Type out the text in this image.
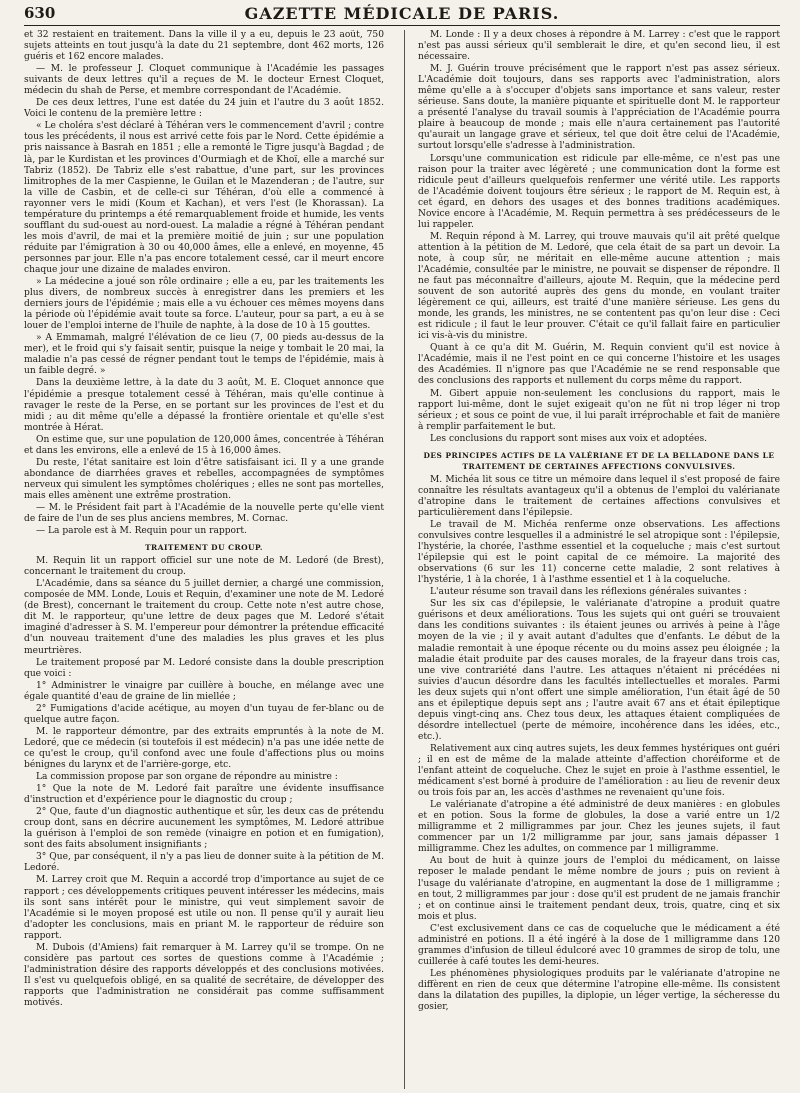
630	GAZETTE MÉDICALE DE PARIS.

et 32 restaient en traitement. Dans la ville il y a eu, depuis le 23 août, 750 sujets atteints en tout jusqu'à la date du 21 septembre, dont 462 morts, 126 guéris et 162 encore malades.

— M. le professeur J. Cloquet communique à l'Académie les passages suivants de deux lettres qu'il a reçues de M. le docteur Ernest Cloquet, médecin du shah de Perse, et membre correspondant de l'Académie.

De ces deux lettres, l'une est datée du 24 juin et l'autre du 3 août 1852. Voici le contenu de la première lettre :

« Le choléra s'est déclaré à Téhéran vers le commencement d'avril ; contre tous les précédents, il nous est arrivé cette fois par le Nord. Cette épidémie a pris naissance à Basrah en 1851 ; elle a remonté le Tigre jusqu'à Bagdad ; de là, par le Kurdistan et les provinces d'Ourmiagh et de Khoï, elle a marché sur Tabriz (1852). De Tabriz elle s'est rabattue, d'une part, sur les provinces limitrophes de la mer Caspienne, le Guilan et le Mazenderan ; de l'autre, sur la ville de Casbin, et de celle-ci sur Téhéran, d'où elle a commencé à rayonner vers le midi (Koum et Kachan), et vers l'est (le Khorassan). La température du printemps a été remarquablement froide et humide, les vents soufflant du sud-ouest au nord-ouest. La maladie a régné à Téhéran pendant les mois d'avril, de mai et la première moitié de juin ; sur une population réduite par l'émigration à 30 ou 40,000 âmes, elle a enlevé, en moyenne, 45 personnes par jour. Elle n'a pas encore totalement cessé, car il meurt encore chaque jour une dizaine de malades environ.

» La médecine a joué son rôle ordinaire ; elle a eu, par les traitements les plus divers, de nombreux succès à enregistrer dans les premiers et les derniers jours de l'épidémie ; mais elle a vu échouer ces mêmes moyens dans la période où l'épidémie avait toute sa force. L'auteur, pour sa part, a eu à se louer de l'emploi interne de l'huile de naphte, à la dose de 10 à 15 gouttes.

» A Emmamah, malgré l'élévation de ce lieu (7, 00 pieds au-dessus de la mer), et le froid qui s'y faisait sentir, puisque la neige y tombait le 20 mai, la maladie n'a pas cessé de régner pendant tout le temps de l'épidémie, mais à un faible degré. »

Dans la deuxième lettre, à la date du 3 août, M. E. Cloquet annonce que l'épidémie a presque totalement cessé à Téhéran, mais qu'elle continue à ravager le reste de la Perse, en se portant sur les provinces de l'est et du midi ; au dit même qu'elle a dépassé la frontière orientale et qu'elle s'est montrée à Hérat.

On estime que, sur une population de 120,000 âmes, concentrée à Téhéran et dans les environs, elle a enlevé de 15 à 16,000 âmes.

Du reste, l'état sanitaire est loin d'être satisfaisant ici. Il y a une grande abondance de diarrhées graves et rebelles, accompagnées de symptômes nerveux qui simulent les symptômes cholériques ; elles ne sont pas mortelles, mais elles amènent une extrême prostration.

— M. le Président fait part à l'Académie de la nouvelle perte qu'elle vient de faire de l'un de ses plus anciens membres, M. Cornac.

— La parole est à M. Requin pour un rapport.

TRAITEMENT DU CROUP.

M. Requin lit un rapport officiel sur une note de M. Ledoré (de Brest), concernant le traitement du croup.

L'Académie, dans sa séance du 5 juillet dernier, a chargé une commission, composée de MM. Londe, Louis et Requin, d'examiner une note de M. Ledoré (de Brest), concernant le traitement du croup. Cette note n'est autre chose, dit M. le rapporteur, qu'une lettre de deux pages que M. Ledoré s'était imaginé d'adresser à S. M. l'empereur pour démontrer la prétendue efficacité d'un nouveau traitement d'une des maladies les plus graves et les plus meurtrières.

Le traitement proposé par M. Ledoré consiste dans la double prescription que voici :

1° Administrer le vinaigre par cuillère à bouche, en mélange avec une égale quantité d'eau de graine de lin miellée ;

2° Fumigations d'acide acétique, au moyen d'un tuyau de fer-blanc ou de quelque autre façon.

M. le rapporteur démontre, par des extraits empruntés à la note de M. Ledoré, que ce médecin (si toutefois il est médecin) n'a pas une idée nette de ce qu'est le croup, qu'il confond avec une foule d'affections plus ou moins bénignes du larynx et de l'arrière-gorge, etc.

La commission propose par son organe de répondre au ministre :

1° Que la note de M. Ledoré fait paraître une évidente insuffisance d'instruction et d'expérience pour le diagnostic du croup ;

2° Que, faute d'un diagnostic authentique et sûr, les deux cas de prétendu croup dont, sans en décrire aucunement les symptômes, M. Ledoré attribue la guérison à l'emploi de son remède (vinaigre en potion et en fumigation), sont des faits absolument insignifiants ;

3° Que, par conséquent, il n'y a pas lieu de donner suite à la pétition de M. Ledoré.

M. Larrey croit que M. Requin a accordé trop d'importance au sujet de ce rapport ; ces développements critiques peuvent intéresser les médecins, mais ils sont sans intérêt pour le ministre, qui veut simplement savoir de l'Académie si le moyen proposé est utile ou non. Il pense qu'il y aurait lieu d'adopter les conclusions, mais en priant M. le rapporteur de réduire son rapport.

M. Dubois (d'Amiens) fait remarquer à M. Larrey qu'il se trompe. On ne considère pas partout ces sortes de questions comme à l'Académie ; l'administration désire des rapports développés et des conclusions motivées. Il s'est vu quelquefois obligé, en sa qualité de secrétaire, de développer des rapports que l'administration ne considérait pas comme suffisamment motivés.

M. Londe : Il y a deux choses à répondre à M. Larrey : c'est que le rapport n'est pas aussi sérieux qu'il semblerait le dire, et qu'en second lieu, il est nécessaire.

M. J. Guérin trouve précisément que le rapport n'est pas assez sérieux. L'Académie doit toujours, dans ses rapports avec l'administration, alors même qu'elle a à s'occuper d'objets sans importance et sans valeur, rester sérieuse. Sans doute, la manière piquante et spirituelle dont M. le rapporteur a présenté l'analyse du travail soumis à l'appréciation de l'Académie pourra plaire à beaucoup de monde ; mais elle n'aura certainement pas l'autorité qu'aurait un langage grave et sérieux, tel que doit être celui de l'Académie, surtout lorsqu'elle s'adresse à l'administration.

Lorsqu'une communication est ridicule par elle-même, ce n'est pas une raison pour la traiter avec légèreté ; une communication dont la forme est ridicule peut d'ailleurs quelquefois renfermer une vérité utile. Les rapports de l'Académie doivent toujours être sérieux ; le rapport de M. Requin est, à cet égard, en dehors des usages et des bonnes traditions académiques. Novice encore à l'Académie, M. Requin permettra à ses prédécesseurs de le lui rappeler.

M. Requin répond à M. Larrey, qui trouve mauvais qu'il ait prêté quelque attention à la pétition de M. Ledoré, que cela était de sa part un devoir. La note, à coup sûr, ne méritait en elle-même aucune attention ; mais l'Académie, consultée par le ministre, ne pouvait se dispenser de répondre. Il ne faut pas méconnaître d'ailleurs, ajoute M. Requin, que la médecine perd souvent de son autorité auprès des gens du monde, en voulant traiter légèrement ce qui, ailleurs, est traité d'une manière sérieuse. Les gens du monde, les grands, les ministres, ne se contentent pas qu'on leur dise : Ceci est ridicule ; il faut le leur prouver. C'était ce qu'il fallait faire en particulier ici vis-à-vis du ministre.

Quant à ce qu'a dit M. Guérin, M. Requin convient qu'il est novice à l'Académie, mais il ne l'est point en ce qui concerne l'histoire et les usages des Académies. Il n'ignore pas que l'Académie ne se rend responsable que des conclusions des rapports et nullement du corps même du rapport.

M. Gibert appuie non-seulement les conclusions du rapport, mais le rapport lui-même, dont le sujet exigeait qu'on ne fût ni trop léger ni trop sérieux ; et sous ce point de vue, il lui paraît irréprochable et fait de manière à remplir parfaitement le but.

Les conclusions du rapport sont mises aux voix et adoptées.

DES PRINCIPES ACTIFS DE LA VALÉRIANE ET DE LA BELLADONE DANS LE TRAITEMENT DE CERTAINES AFFECTIONS CONVULSIVES.

M. Michéa lit sous ce titre un mémoire dans lequel il s'est proposé de faire connaître les résultats avantageux qu'il a obtenus de l'emploi du valérianate d'atropine dans le traitement de certaines affections convulsives et particulièrement dans l'épilepsie.

Le travail de M. Michéa renferme onze observations. Les affections convulsives contre lesquelles il a administré le sel atropique sont : l'épilepsie, l'hystérie, la chorée, l'asthme essentiel et la coqueluche ; mais c'est surtout l'épilepsie qui est le point capital de ce mémoire. La majorité des observations (6 sur les 11) concerne cette maladie, 2 sont relatives à l'hystérie, 1 à la chorée, 1 à l'asthme essentiel et 1 à la coqueluche.

L'auteur résume son travail dans les réflexions générales suivantes :

Sur les six cas d'épilepsie, le valérianate d'atropine a produit quatre guérisons et deux améliorations. Tous les sujets qui ont guéri se trouvaient dans les conditions suivantes : ils étaient jeunes ou arrivés à peine à l'âge moyen de la vie ; il y avait autant d'adultes que d'enfants. Le début de la maladie remontait à une époque récente ou du moins assez peu éloignée ; la maladie était produite par des causes morales, de la frayeur dans trois cas, une vive contrariété dans l'autre. Les attaques n'étaient ni précédées ni suivies d'aucun désordre dans les facultés intellectuelles et morales. Parmi les deux sujets qui n'ont offert une simple amélioration, l'un était âgé de 50 ans et épileptique depuis sept ans ; l'autre avait 67 ans et était épileptique depuis vingt-cinq ans. Chez tous deux, les attaques étaient compliquées de désordre intellectuel (perte de mémoire, incohérence dans les idées, etc., etc.).

Relativement aux cinq autres sujets, les deux femmes hystériques ont guéri ; il en est de même de la malade atteinte d'affection choréiforme et de l'enfant atteint de coqueluche. Chez le sujet en proie à l'asthme essentiel, le médicament s'est borné à produire de l'amélioration : au lieu de revenir deux ou trois fois par an, les accès d'asthmes ne revenaient qu'une fois.

Le valérianate d'atropine a été administré de deux manières : en globules et en potion. Sous la forme de globules, la dose a varié entre un 1/2 milligramme et 2 milligrammes par jour. Chez les jeunes sujets, il faut commencer par un 1/2 milligramme par jour, sans jamais dépasser 1 milligramme. Chez les adultes, on commence par 1 milligramme.

Au bout de huit à quinze jours de l'emploi du médicament, on laisse reposer le malade pendant le même nombre de jours ; puis on revient à l'usage du valérianate d'atropine, en augmentant la dose de 1 milligramme ; en tout, 2 milligrammes par jour : dose qu'il est prudent de ne jamais franchir ; et on continue ainsi le traitement pendant deux, trois, quatre, cinq et six mois et plus.

C'est exclusivement dans ce cas de coqueluche que le médicament a été administré en potions. Il a été ingéré à la dose de 1 milligramme dans 120 grammes d'infusion de tilleul édulcoré avec 10 grammes de sirop de tolu, une cuillerée à café toutes les demi-heures.

Les phénomènes physiologiques produits par le valérianate d'atropine ne diffèrent en rien de ceux que détermine l'atropine elle-même. Ils consistent dans la dilatation des pupilles, la diplopie, un léger vertige, la sécheresse du gosier,
